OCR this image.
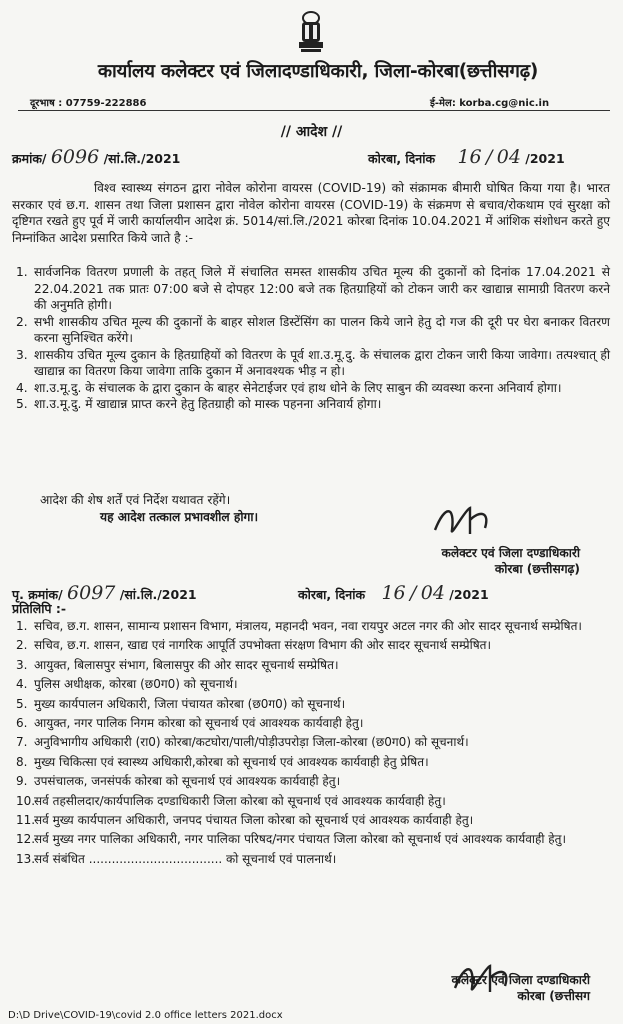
कार्यालय कलेक्टर एवं जिलादण्डाधिकारी, जिला-कोरबा(छत्तीसगढ़)
दूरभाष : 07759-222886	ई-मेल: korba.cg@nic.in
// आदेश //
क्रमांक/ 6096 /सां.लि./2021	कोरबा, दिनांक 16 / 04 /2021
विश्व स्वास्थ्य संगठन द्वारा नोवेल कोरोना वायरस (COVID-19) को संक्रामक बीमारी घोषित किया गया है। भारत सरकार एवं छ.ग. शासन तथा जिला प्रशासन द्वारा नोवेल कोरोना वायरस (COVID-19) के संक्रमण से बचाव/रोकथाम एवं सुरक्षा को दृष्टिगत रखते हुए पूर्व में जारी कार्यालयीन आदेश क्रं. 5014/सां.लि./2021 कोरबा दिनांक 10.04.2021 में आंशिक संशोधन करते हुए निम्नांकित आदेश प्रसारित किये जाते है :-
1. सार्वजनिक वितरण प्रणाली के तहत् जिले में संचालित समस्त शासकीय उचित मूल्य की दुकानों को दिनांक 17.04.2021 से 22.04.2021 तक प्रातः 07:00 बजे से दोपहर 12:00 बजे तक हितग्राहियों को टोकन जारी कर खाद्यान्न सामाग्री वितरण करने की अनुमति होगी।
2. सभी शासकीय उचित मूल्य की दुकानों के बाहर सोशल डिस्टेंसिंग का पालन किये जाने हेतु दो गज की दूरी पर घेरा बनाकर वितरण करना सुनिश्चित करेंगे।
3. शासकीय उचित मूल्य दुकान के हितग्राहियों को वितरण के पूर्व शा.उ.मू.दु. के संचालक द्वारा टोकन जारी किया जावेगा। तत्पश्चात् ही खाद्यान्न का वितरण किया जावेगा ताकि दुकान में अनावश्यक भीड़ न हो।
4. शा.उ.मू.दु. के संचालक के द्वारा दुकान के बाहर सेनेटाईजर एवं हाथ धोने के लिए साबुन की व्यवस्था करना अनिवार्य होगा।
5. शा.उ.मू.दु. में खाद्यान्न प्राप्त करने हेतु हितग्राही को मास्क पहनना अनिवार्य होगा।
आदेश की शेष शर्तें एवं निर्देश यथावत रहेंगे।
यह आदेश तत्काल प्रभावशील होगा।
कलेक्टर एवं जिला दण्डाधिकारी
कोरबा (छत्तीसगढ़)
पृ. क्रमांक/ 6097 /सां.लि./2021	कोरबा, दिनांक 16 / 04 /2021
प्रतिलिपि :-
1. सचिव, छ.ग. शासन, सामान्य प्रशासन विभाग, मंत्रालय, महानदी भवन, नवा रायपुर अटल नगर की ओर सादर सूचनार्थ सम्प्रेषित।
2. सचिव, छ.ग. शासन, खाद्य एवं नागरिक आपूर्ति उपभोक्ता संरक्षण विभाग की ओर सादर सूचनार्थ सम्प्रेषित।
3. आयुक्त, बिलासपुर संभाग, बिलासपुर की ओर सादर सूचनार्थ सम्प्रेषित।
4. पुलिस अधीक्षक, कोरबा (छ0ग0) को सूचनार्थ।
5. मुख्य कार्यपालन अधिकारी, जिला पंचायत कोरबा (छ0ग0) को सूचनार्थ।
6. आयुक्त, नगर पालिक निगम कोरबा को सूचनार्थ एवं आवश्यक कार्यवाही हेतु।
7. अनुविभागीय अधिकारी (रा0) कोरबा/कटघोरा/पाली/पोड़ीउपरोड़ा जिला-कोरबा (छ0ग0) को सूचनार्थ।
8. मुख्य चिकित्सा एवं स्वास्थ्य अधिकारी,कोरबा को सूचनार्थ एवं आवश्यक कार्यवाही हेतु प्रेषित।
9. उपसंचालक, जनसंपर्क कोरबा को सूचनार्थ एवं आवश्यक कार्यवाही हेतु।
10.
सर्व तहसीलदार/कार्यपालिक दण्डाधिकारी जिला कोरबा को सूचनार्थ एवं आवश्यक कार्यवाही हेतु।
11.
सर्व मुख्य कार्यपालन अधिकारी, जनपद पंचायत जिला कोरबा को सूचनार्थ एवं आवश्यक कार्यवाही हेतु।
12.
सर्व मुख्य नगर पालिका अधिकारी, नगर पालिका परिषद/नगर पंचायत जिला कोरबा को सूचनार्थ एवं आवश्यक कार्यवाही हेतु।
13.
सर्व संबंधित ................................... को सूचनार्थ एवं पालनार्थ।
कलेक्टर एवं जिला दण्डाधिकारी
कोरबा (छत्तीसग
D:\D Drive\COVID-19\covid 2.0 office letters 2021.docx
